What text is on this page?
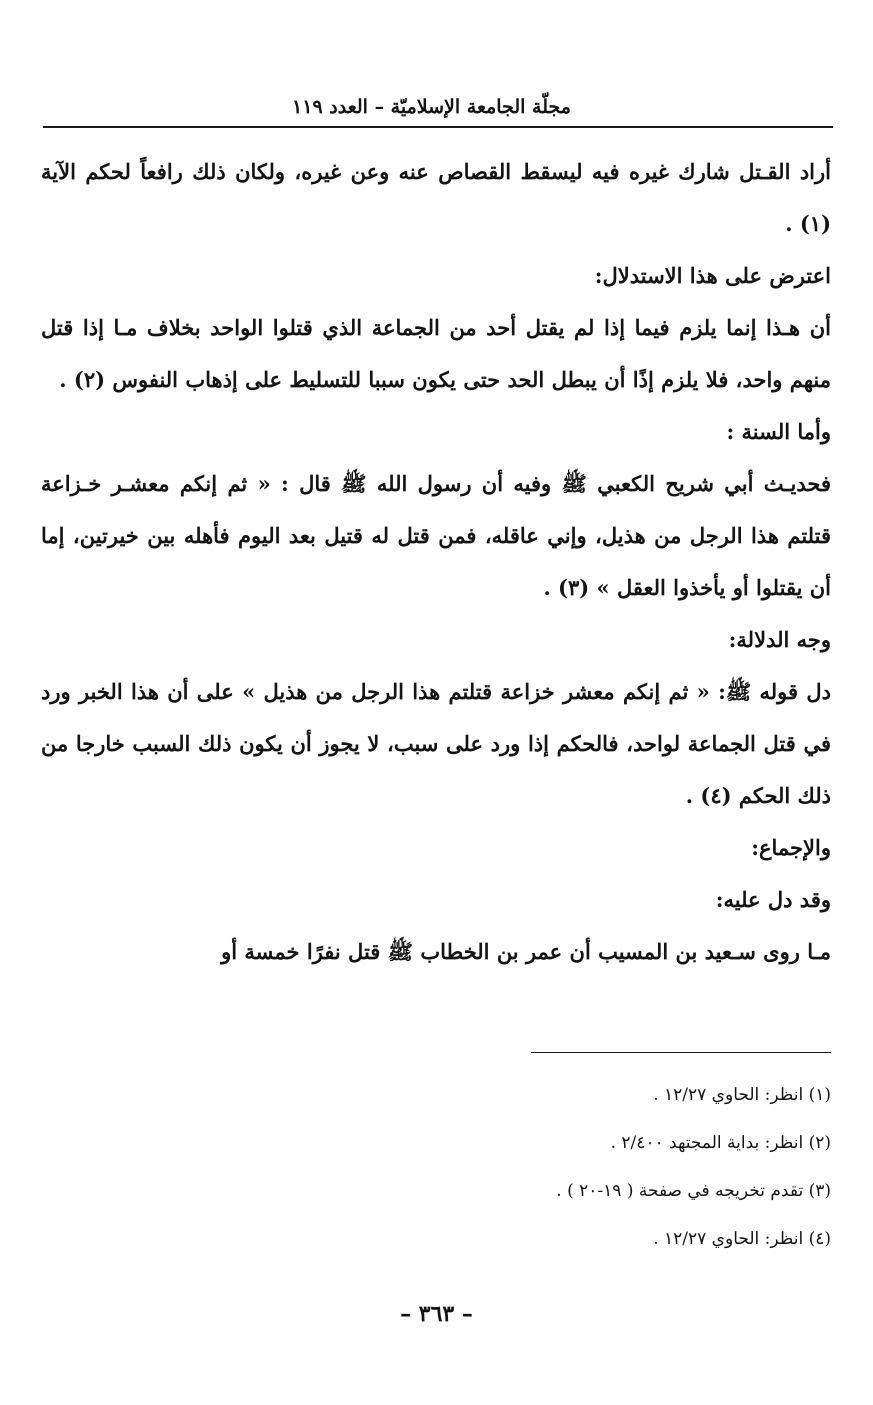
مجلّة الجامعة الإسلاميّة – العدد ١١٩

أراد القـتل شارك غيره فيه ليسقط القصاص عنه وعن غيره، ولكان ذلك رافعاً لحكم الآية (١) .

اعترض على هذا الاستدلال:

أن هـذا إنما يلزم فيما إذا لم يقتل أحد من الجماعة الذي قتلوا الواحد بخلاف مـا إذا قتل منهم واحد، فلا يلزم إذًا أن يبطل الحد حتى يكون سببا للتسليط على إذهاب النفوس (٢) .

وأما السنة :

فحديـث أبي شريح الكعبي ﷺ وفيه أن رسول الله ﷺ قال : « ثم إنكم معشـر خـزاعة قتلتم هذا الرجل من هذيل، وإني عاقله، فمن قتل له قتيل بعد اليوم فأهله بين خيرتين، إما أن يقتلوا أو يأخذوا العقل » (٣) .

وجه الدلالة:

دل قوله ﷺ: « ثم إنكم معشر خزاعة قتلتم هذا الرجل من هذيل » على أن هذا الخبر ورد في قتل الجماعة لواحد، فالحكم إذا ورد على سبب، لا يجوز أن يكون ذلك السبب خارجا من ذلك الحكم (٤) .

والإجماع:

وقد دل عليه:

مـا روى سـعيد بن المسيب أن عمر بن الخطاب ﷺ قتل نفرًا خمسة أو

(١) انظر: الحاوي ١٢/٢٧ .

(٢) انظر: بداية المجتهد ٢/٤٠٠ .

(٣) تقدم تخريجه في صفحة ( ١٩-٢٠ ) .

(٤) انظر: الحاوي ١٢/٢٧ .

– ٣٦٣ –
